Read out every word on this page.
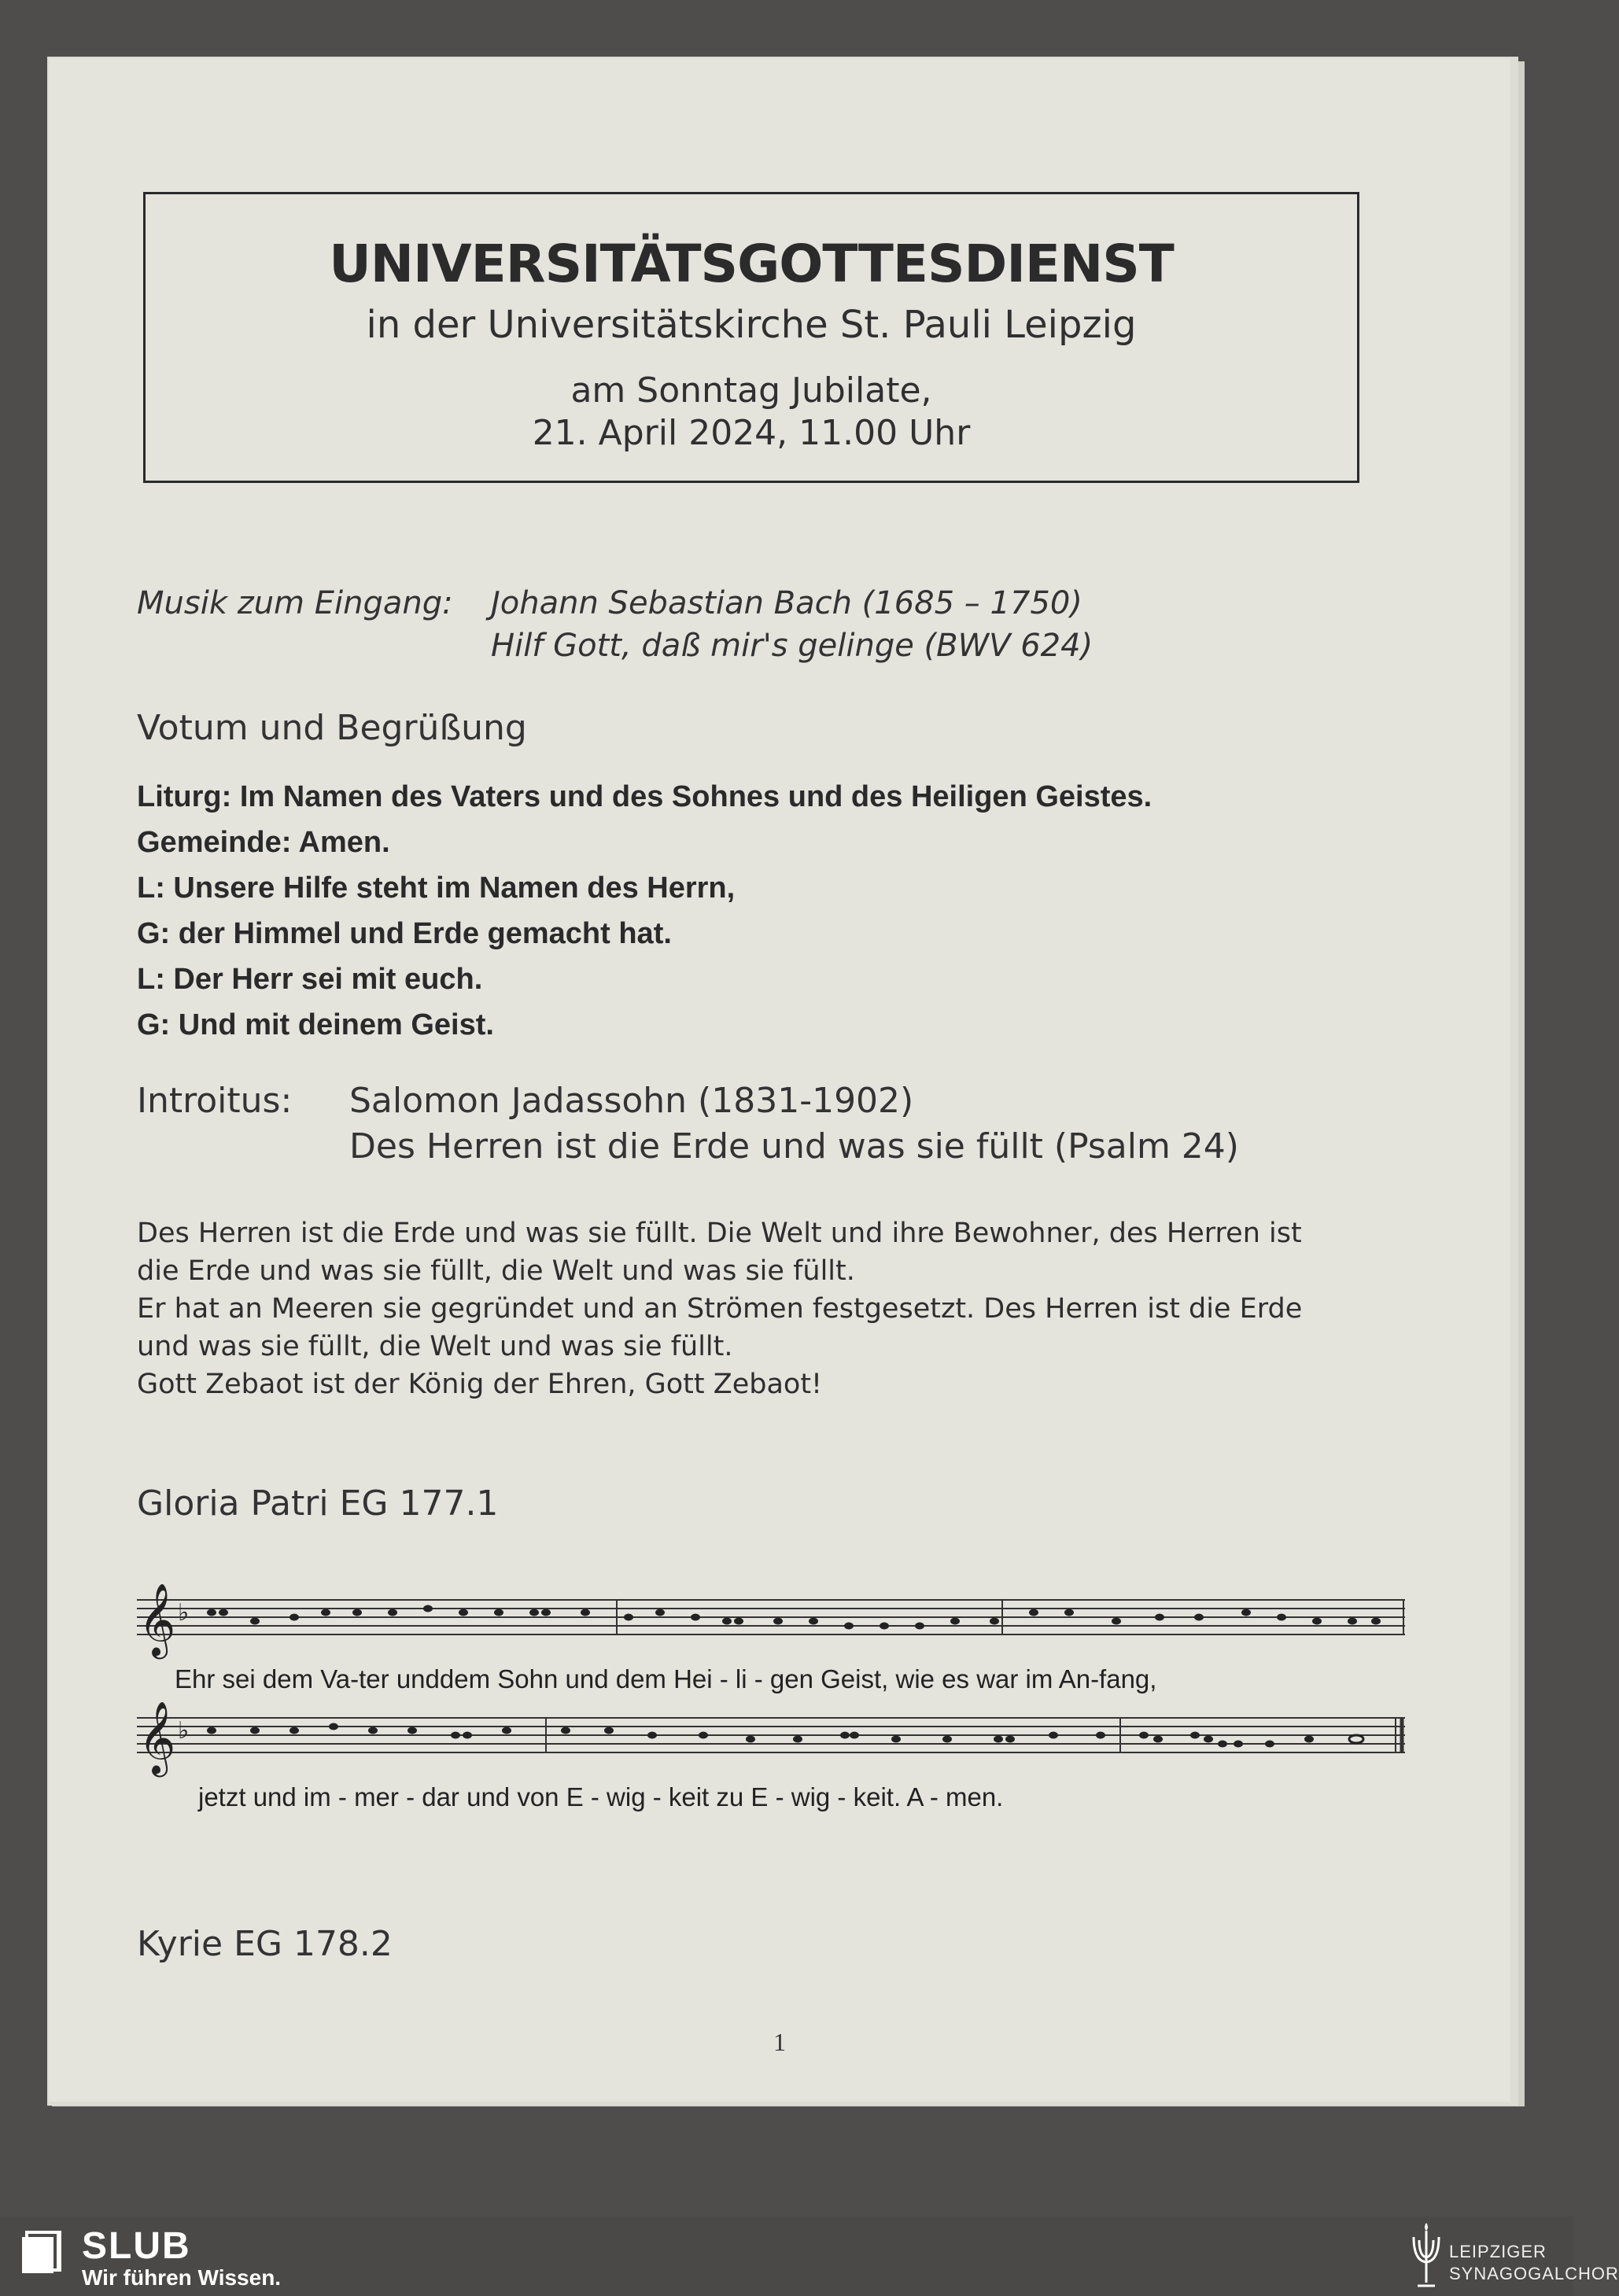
UNIVERSITÄTSGOTTESDIENST
in der Universitätskirche St. Pauli Leipzig
am Sonntag Jubilate,
21. April 2024, 11.00 Uhr
Musik zum Eingang: Johann Sebastian Bach (1685 – 1750)
Hilf Gott, daß mir's gelinge (BWV 624)
Votum und Begrüßung
Liturg: Im Namen des Vaters und des Sohnes und des Heiligen Geistes.
Gemeinde: Amen.
L: Unsere Hilfe steht im Namen des Herrn,
G: der Himmel und Erde gemacht hat.
L: Der Herr sei mit euch.
G: Und mit deinem Geist.
Introitus: Salomon Jadassohn (1831-1902)
Des Herren ist die Erde und was sie füllt (Psalm 24)
Des Herren ist die Erde und was sie füllt. Die Welt und ihre Bewohner, des Herren ist
die Erde und was sie füllt, die Welt und was sie füllt.
Er hat an Meeren sie gegründet und an Strömen festgesetzt. Des Herren ist die Erde
und was sie füllt, die Welt und was sie füllt.
Gott Zebaot ist der König der Ehren, Gott Zebaot!
Gloria Patri EG 177.1
𝄞 ♭
Ehr sei dem Va-ter unddem Sohn und dem Hei - li - gen Geist, wie es war im An-fang,
𝄞 ♭
jetzt und im - mer - dar und von E - wig - keit zu E - wig - keit. A - men.
Kyrie EG 178.2
1
SLUB
Wir führen Wissen.
LEIPZIGER
SYNAGOGALCHOR
